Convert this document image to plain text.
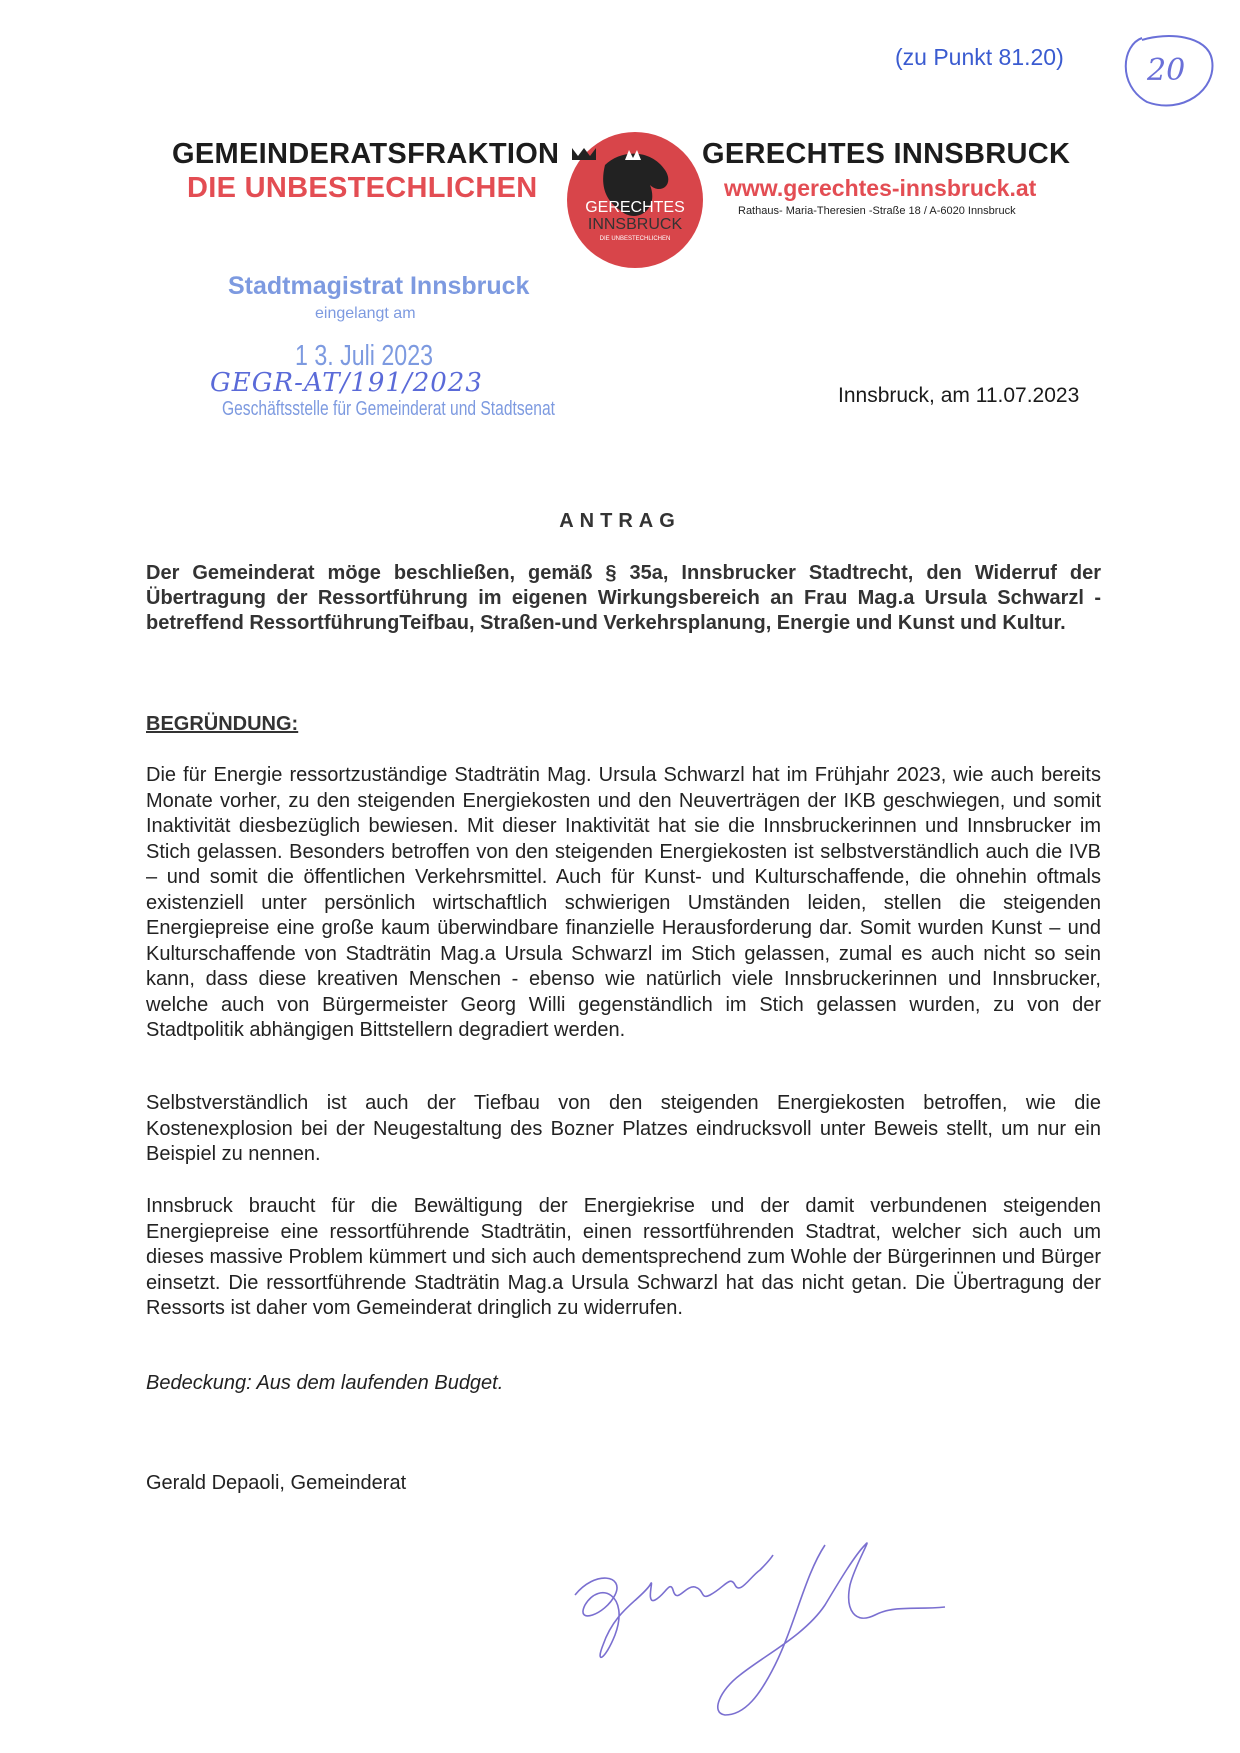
(zu Punkt 81.20)	20
GEMEINDERATSFRAKTION
DIE UNBESTECHLICHEN
GERECHTES
INNSBRUCK
DIE UNBESTECHLICHEN
GERECHTES INNSBRUCK
www.gerechtes-innsbruck.at
Rathaus- Maria-Theresien -Straße 18 / A-6020 Innsbruck
Stadtmagistrat Innsbruck
eingelangt am
1 3. Juli 2023
GEGR-AT/191/2023
Geschäftsstelle für Gemeinderat und Stadtsenat
Innsbruck, am 11.07.2023
ANTRAG
Der Gemeinderat möge beschließen, gemäß § 35a, Innsbrucker Stadtrecht, den Widerruf der Übertragung der Ressortführung im eigenen Wirkungsbereich an Frau Mag.a Ursula Schwarzl - betreffend RessortführungTeifbau, Straßen-und Verkehrsplanung, Energie und Kunst und Kultur.
BEGRÜNDUNG:
Die für Energie ressortzuständige Stadträtin Mag. Ursula Schwarzl hat im Frühjahr 2023, wie auch bereits Monate vorher, zu den steigenden Energiekosten und den Neuverträgen der IKB geschwiegen, und somit Inaktivität diesbezüglich bewiesen. Mit dieser Inaktivität hat sie die Innsbruckerinnen und Innsbrucker im Stich gelassen. Besonders betroffen von den steigenden Energiekosten ist selbstverständlich auch die IVB – und somit die öffentlichen Verkehrsmittel. Auch für Kunst- und Kulturschaffende, die ohnehin oftmals existenziell unter persönlich wirtschaftlich schwierigen Umständen leiden, stellen die steigenden Energiepreise eine große kaum überwindbare finanzielle Herausforderung dar. Somit wurden Kunst – und Kulturschaffende von Stadträtin Mag.a Ursula Schwarzl im Stich gelassen, zumal es auch nicht so sein kann, dass diese kreativen Menschen - ebenso wie natürlich viele Innsbruckerinnen und Innsbrucker, welche auch von Bürgermeister Georg Willi gegenständlich im Stich gelassen wurden, zu von der Stadtpolitik abhängigen Bittstellern degradiert werden.
Selbstverständlich ist auch der Tiefbau von den steigenden Energiekosten betroffen, wie die Kostenexplosion bei der Neugestaltung des Bozner Platzes eindrucksvoll unter Beweis stellt, um nur ein Beispiel zu nennen.
Innsbruck braucht für die Bewältigung der Energiekrise und der damit verbundenen steigenden Energiepreise eine ressortführende Stadträtin, einen ressortführenden Stadtrat, welcher sich auch um dieses massive Problem kümmert und sich auch dementsprechend zum Wohle der Bürgerinnen und Bürger einsetzt. Die ressortführende Stadträtin Mag.a Ursula Schwarzl hat das nicht getan. Die Übertragung der Ressorts ist daher vom Gemeinderat dringlich zu widerrufen.
Bedeckung: Aus dem laufenden Budget.
Gerald Depaoli, Gemeinderat
